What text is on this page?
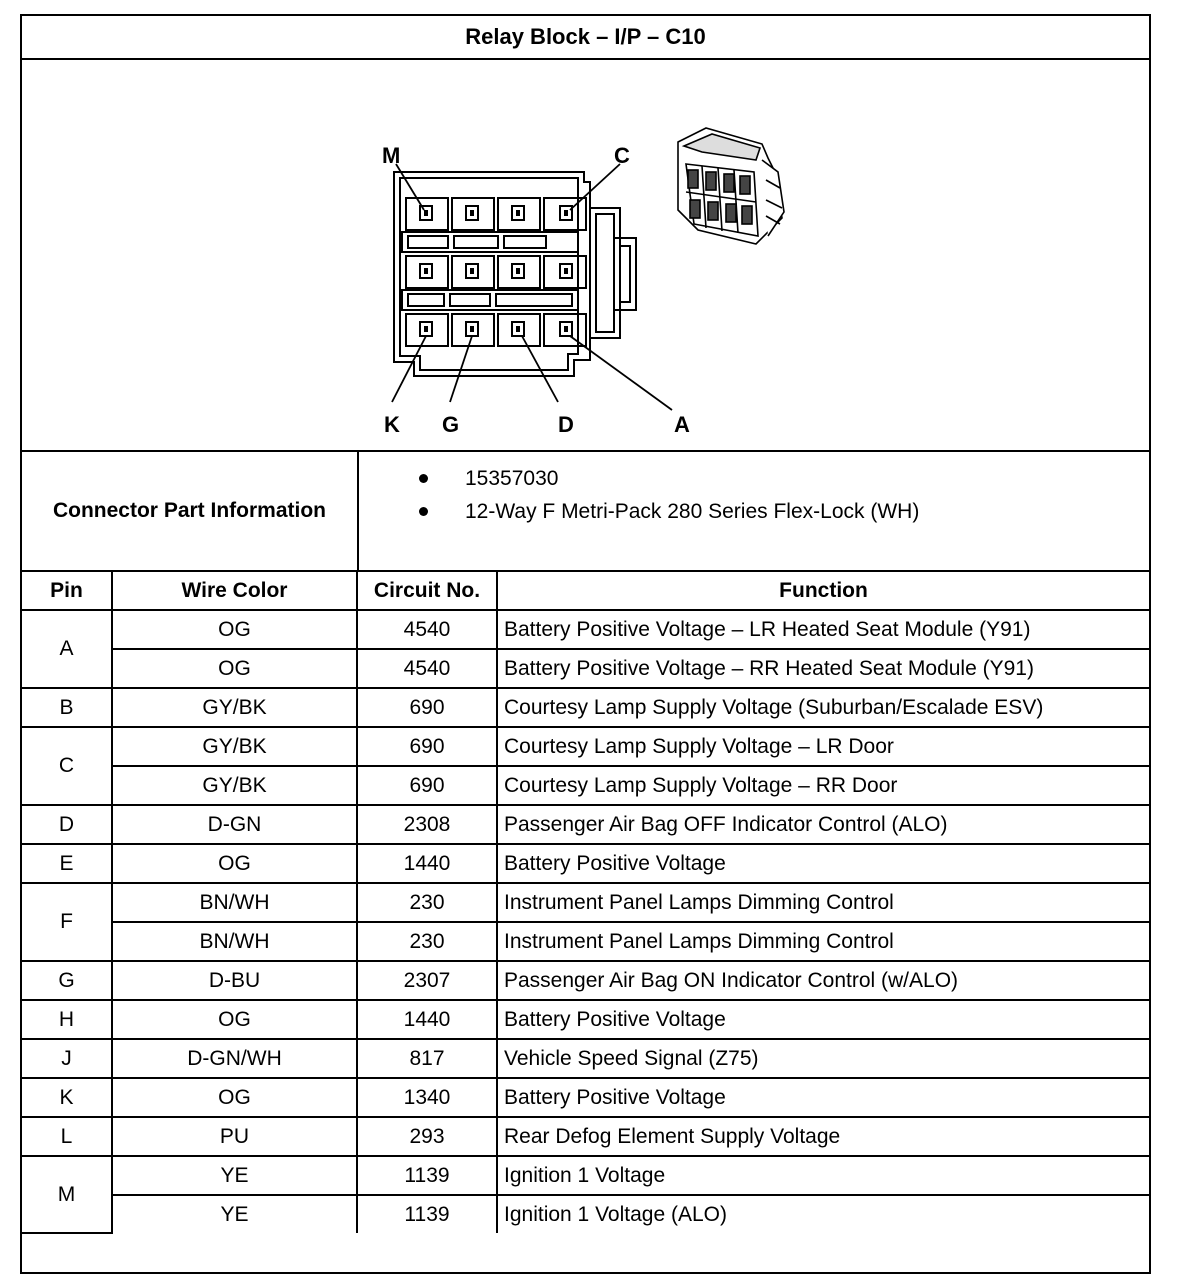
Relay Block – I/P – C10
M	C
K G	D	A
Connector Part Information
15357030
12-Way F Metri-Pack 280 Series Flex-Lock (WH)
Pin	Wire Color	Circuit No.	Function
A	OG	4540	Battery Positive Voltage – LR Heated Seat Module (Y91)
	OG	4540	Battery Positive Voltage – RR Heated Seat Module (Y91)
B	GY/BK	690	Courtesy Lamp Supply Voltage (Suburban/Escalade ESV)
C	GY/BK	690	Courtesy Lamp Supply Voltage – LR Door
	GY/BK	690	Courtesy Lamp Supply Voltage – RR Door
D	D-GN	2308	Passenger Air Bag OFF Indicator Control (ALO)
E	OG	1440	Battery Positive Voltage
F	BN/WH	230	Instrument Panel Lamps Dimming Control
	BN/WH	230	Instrument Panel Lamps Dimming Control
G	D-BU	2307	Passenger Air Bag ON Indicator Control (w/ALO)
H	OG	1440	Battery Positive Voltage
J	D-GN/WH	817	Vehicle Speed Signal (Z75)
K	OG	1340	Battery Positive Voltage
L	PU	293	Rear Defog Element Supply Voltage
M	YE	1139	Ignition 1 Voltage
	YE	1139	Ignition 1 Voltage (ALO)
